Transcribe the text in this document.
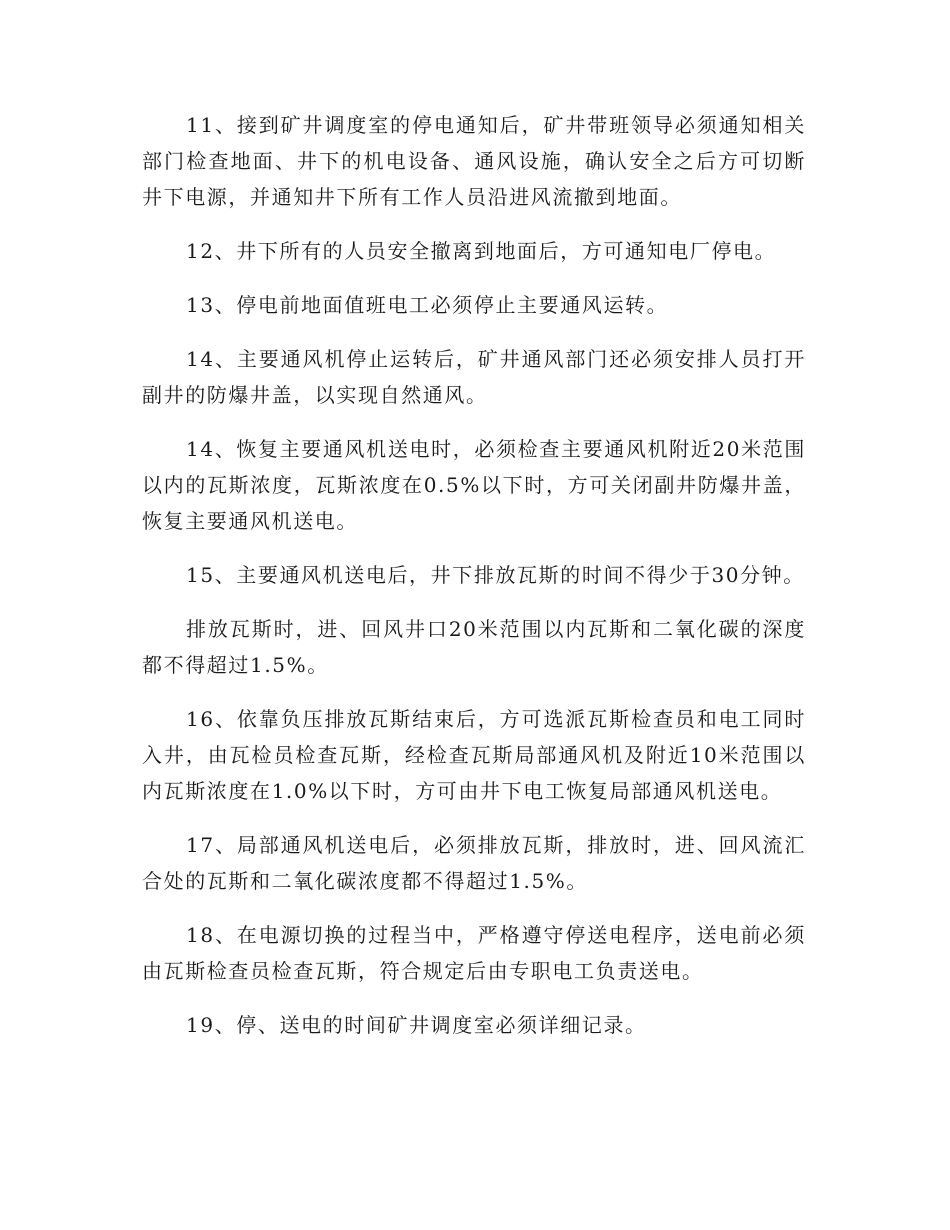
11、接到矿井调度室的停电通知后，矿井带班领导必须通知相关部门检查地面、井下的机电设备、通风设施，确认安全之后方可切断井下电源，并通知井下所有工作人员沿进风流撤到地面。

12、井下所有的人员安全撤离到地面后，方可通知电厂停电。

13、停电前地面值班电工必须停止主要通风运转。

14、主要通风机停止运转后，矿井通风部门还必须安排人员打开副井的防爆井盖，以实现自然通风。

14、恢复主要通风机送电时，必须检查主要通风机附近20米范围以内的瓦斯浓度，瓦斯浓度在0.5%以下时，方可关闭副井防爆井盖，恢复主要通风机送电。

15、主要通风机送电后，井下排放瓦斯的时间不得少于30分钟。

排放瓦斯时，进、回风井口20米范围以内瓦斯和二氧化碳的深度都不得超过1.5%。

16、依靠负压排放瓦斯结束后，方可选派瓦斯检查员和电工同时入井，由瓦检员检查瓦斯，经检查瓦斯局部通风机及附近10米范围以内瓦斯浓度在1.0%以下时，方可由井下电工恢复局部通风机送电。

17、局部通风机送电后，必须排放瓦斯，排放时，进、回风流汇合处的瓦斯和二氧化碳浓度都不得超过1.5%。

18、在电源切换的过程当中，严格遵守停送电程序，送电前必须由瓦斯检查员检查瓦斯，符合规定后由专职电工负责送电。

19、停、送电的时间矿井调度室必须详细记录。
